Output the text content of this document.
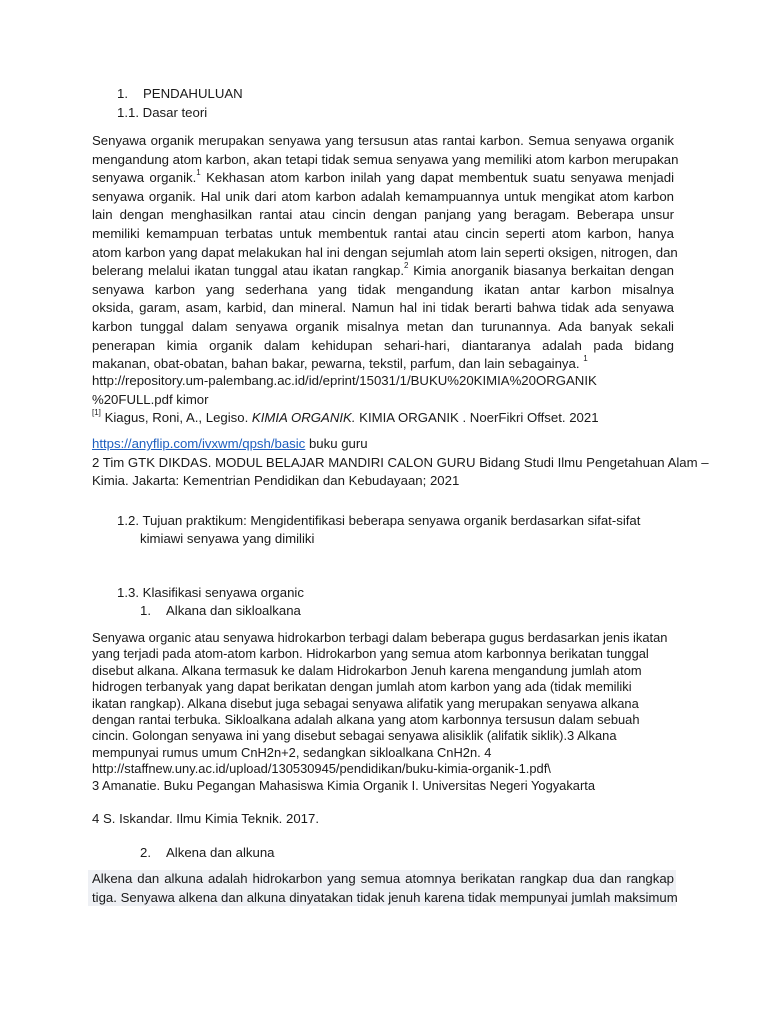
1. PENDAHULUAN
1.1. Dasar teori
Senyawa organik merupakan senyawa yang tersusun atas rantai karbon. Semua senyawa organik
mengandung atom karbon, akan tetapi tidak semua senyawa yang memiliki atom karbon merupakan
senyawa organik.$^1$ Kekhasan atom karbon inilah yang dapat membentuk suatu senyawa menjadi
senyawa organik. Hal unik dari atom karbon adalah kemampuannya untuk mengikat atom karbon
lain dengan menghasilkan rantai atau cincin dengan panjang yang beragam. Beberapa unsur
memiliki kemampuan terbatas untuk membentuk rantai atau cincin seperti atom karbon, hanya
atom karbon yang dapat melakukan hal ini dengan sejumlah atom lain seperti oksigen, nitrogen, dan
belerang melalui ikatan tunggal atau ikatan rangkap.$^2$ Kimia anorganik biasanya berkaitan dengan
senyawa karbon yang sederhana yang tidak mengandung ikatan antar karbon misalnya
oksida, garam, asam, karbid, dan mineral. Namun hal ini tidak berarti bahwa tidak ada senyawa
karbon tunggal dalam senyawa organik misalnya metan dan turunannya. Ada banyak sekali
penerapan kimia organik dalam kehidupan sehari-hari, diantaranya adalah pada bidang
makanan, obat-obatan, bahan bakar, pewarna, tekstil, parfum, dan lain sebagainya. $^1$
http://repository.um-palembang.ac.id/id/eprint/15031/1/BUKU%20KIMIA%20ORGANIK
%20FULL.pdf kimor
[1] Kiagus, Roni, A., Legiso. KIMIA ORGANIK. KIMIA ORGANIK . NoerFikri Offset. 2021
https://anyflip.com/ivxwm/qpsh/basic buku guru
2 Tim GTK DIKDAS. MODUL BELAJAR MANDIRI CALON GURU Bidang Studi Ilmu Pengetahuan Alam –
Kimia. Jakarta: Kementrian Pendidikan dan Kebudayaan; 2021
1.2. Tujuan praktikum: Mengidentifikasi beberapa senyawa organik berdasarkan sifat-sifat
kimiawi senyawa yang dimiliki
1.3. Klasifikasi senyawa organic
1. Alkana dan sikloalkana
Senyawa organic atau senyawa hidrokarbon terbagi dalam beberapa gugus berdasarkan jenis ikatan
yang terjadi pada atom-atom karbon. Hidrokarbon yang semua atom karbonnya berikatan tunggal
disebut alkana. Alkana termasuk ke dalam Hidrokarbon Jenuh karena mengandung jumlah atom
hidrogen terbanyak yang dapat berikatan dengan jumlah atom karbon yang ada (tidak memiliki
ikatan rangkap). Alkana disebut juga sebagai senyawa alifatik yang merupakan senyawa alkana
dengan rantai terbuka. Sikloalkana adalah alkana yang atom karbonnya tersusun dalam sebuah
cincin. Golongan senyawa ini yang disebut sebagai senyawa alisiklik (alifatik siklik).3 Alkana
mempunyai rumus umum CnH2n+2, sedangkan sikloalkana CnH2n. 4
http://staffnew.uny.ac.id/upload/130530945/pendidikan/buku-kimia-organik-1.pdf\
3 Amanatie. Buku Pegangan Mahasiswa Kimia Organik I. Universitas Negeri Yogyakarta
4 S. Iskandar. Ilmu Kimia Teknik. 2017.
2. Alkena dan alkuna
Alkena dan alkuna adalah hidrokarbon yang semua atomnya berikatan rangkap dua dan rangkap
tiga. Senyawa alkena dan alkuna dinyatakan tidak jenuh karena tidak mempunyai jumlah maksimum
